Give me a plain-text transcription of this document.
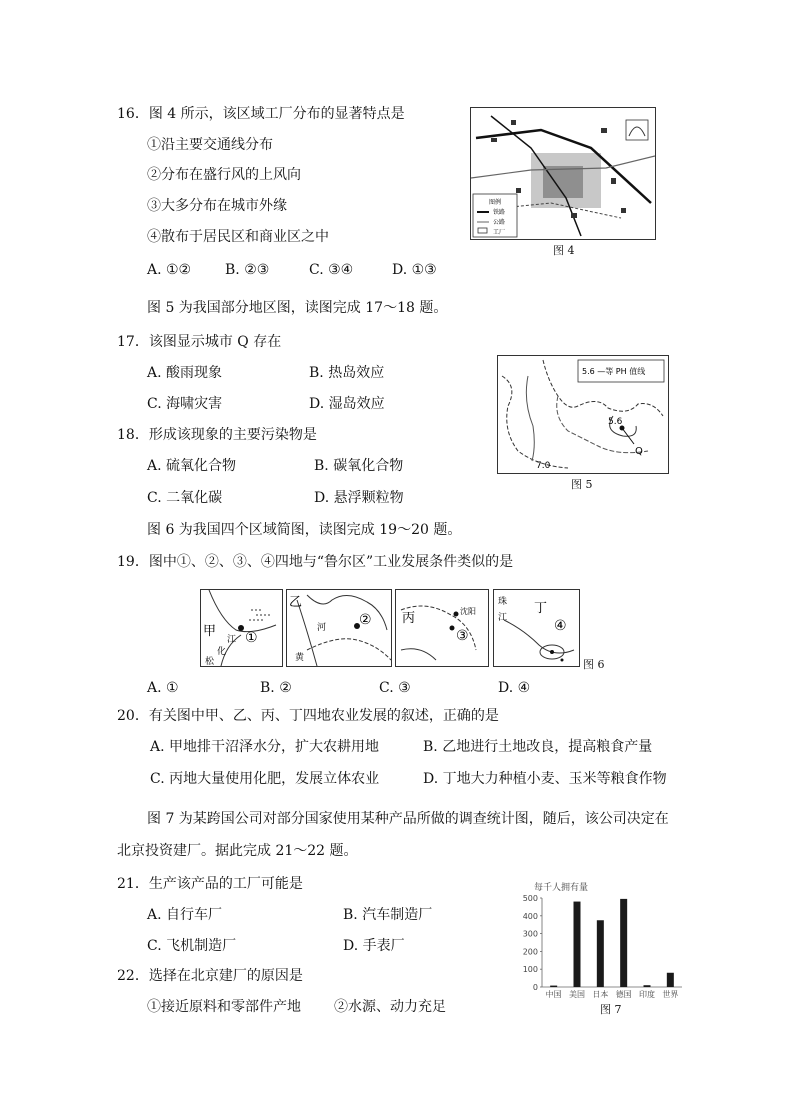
16．图 4 所示，该区域工厂分布的显著特点是
①沿主要交通线分布
②分布在盛行风的上风向
③大多分布在城市外缘
④散布于居民区和商业区之中
A. ①② B. ②③	C. ③④	D. ①③
图例
铁路
公路
工厂
图 4
图 5 为我国部分地区图，读图完成 17～18 题。
17．该图显示城市 Q 存在
A. 酸雨现象	B. 热岛效应
C. 海啸灾害	D. 湿岛效应
5.6 —等 PH 值线
5.6
7.0
Q
图 5
18．形成该现象的主要污染物是
A. 硫氧化合物	B. 碳氧化合物
C. 二氧化碳	D. 悬浮颗粒物
图 6 为我国四个区域简图，读图完成 19～20 题。
19．图中①、②、③、④四地与“鲁尔区”工业发展条件类似的是
甲
江
化
松
①
乙
河
黄
② 丙	沈阳
③
珠
江
丁
④
图 6
A. ①	B. ②	C. ③	D. ④
20．有关图中甲、乙、丙、丁四地农业发展的叙述，正确的是
A. 甲地排干沼泽水分，扩大农耕用地	B. 乙地进行土地改良，提高粮食产量
C. 丙地大量使用化肥，发展立体农业	D. 丁地大力种植小麦、玉米等粮食作物
图 7 为某跨国公司对部分国家使用某种产品所做的调查统计图，随后，该公司决定在
北京投资建厂。据此完成 21～22 题。
21．生产该产品的工厂可能是
A. 自行车厂	B. 汽车制造厂
C. 飞机制造厂	D. 手表厂
22．选择在北京建厂的原因是
①接近原料和零部件产地 ②水源、动力充足
每千人拥有量
0
100
200
300
400
500
中国 美国 日本 德国 印度 世界
图 7
